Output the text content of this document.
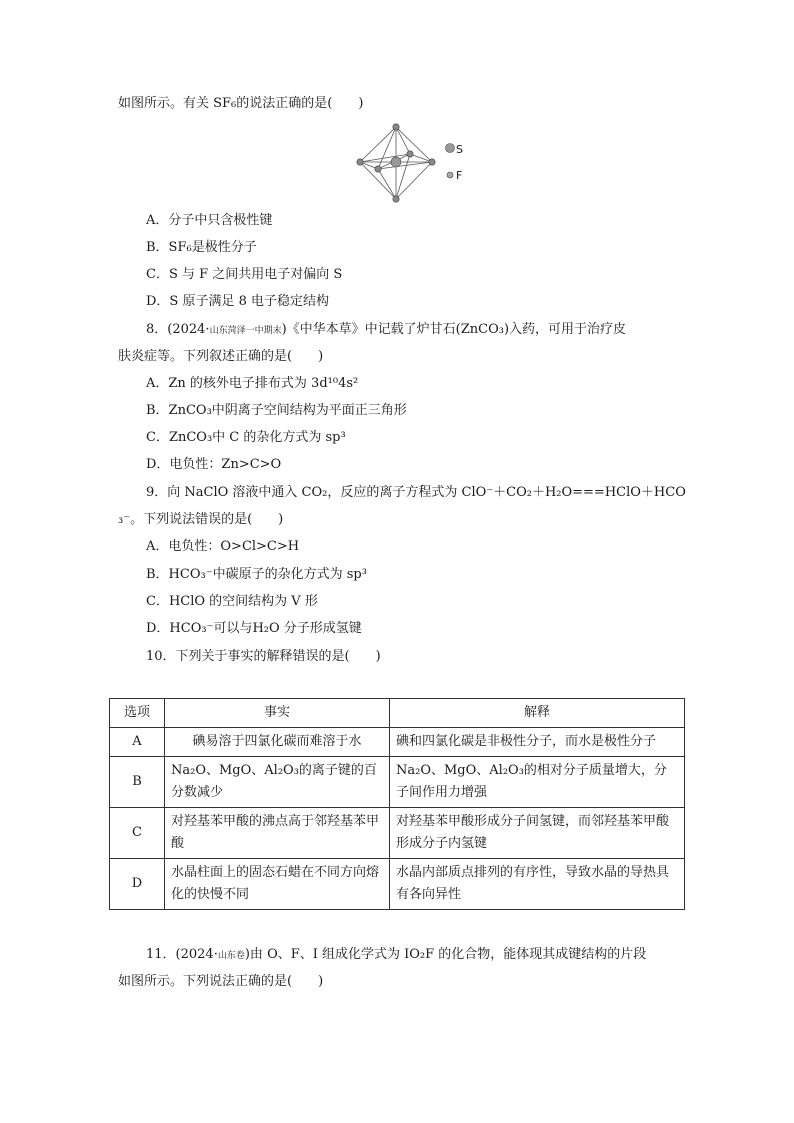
如图所示。有关 SF₆的说法正确的是(　　)
S
F
A．分子中只含极性键
B．SF₆是极性分子
C．S 与 F 之间共用电子对偏向 S
D．S 原子满足 8 电子稳定结构
8．(2024·山东菏泽一中期末)《中华本草》中记载了炉甘石(ZnCO₃)入药，可用于治疗皮
肤炎症等。下列叙述正确的是(　　)
A．Zn 的核外电子排布式为 3d¹⁰4s²
B．ZnCO₃中阴离子空间结构为平面正三角形
C．ZnCO₃中 C 的杂化方式为 sp³
D．电负性：Zn>C>O
9．向 NaClO 溶液中通入 CO₂，反应的离子方程式为 ClO⁻＋CO₂＋H₂O===HClO＋HCO
₃⁻。下列说法错误的是(　　)
A．电负性：O>Cl>C>H
B．HCO₃⁻中碳原子的杂化方式为 sp³
C．HClO 的空间结构为 V 形
D．HCO₃⁻可以与H₂O 分子形成氢键
10．下列关于事实的解释错误的是(　　)
选项	事实	解释
A	碘易溶于四氯化碳而难溶于水	碘和四氯化碳是非极性分子，而水是极性分子
B	Na₂O、MgO、Al₂O₃的离子键的百分数减少	Na₂O、MgO、Al₂O₃的相对分子质量增大，分子间作用力增强
C	对羟基苯甲酸的沸点高于邻羟基苯甲酸	对羟基苯甲酸形成分子间氢键，而邻羟基苯甲酸形成分子内氢键
D	水晶柱面上的固态石蜡在不同方向熔化的快慢不同	水晶内部质点排列的有序性，导致水晶的导热具有各向异性
11．(2024·山东卷)由 O、F、I 组成化学式为 IO₂F 的化合物，能体现其成键结构的片段
如图所示。下列说法正确的是(　　)
